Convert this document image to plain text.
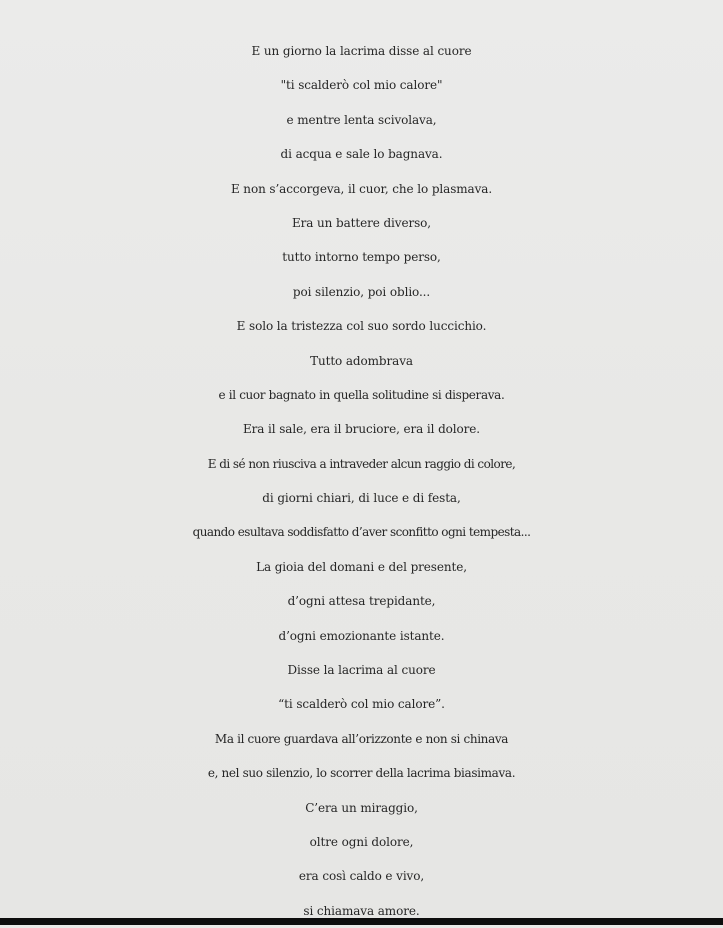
E un giorno la lacrima disse al cuore
"ti scalderò col mio calore"
e mentre lenta scivolava,
di acqua e sale lo bagnava.
E non s’accorgeva, il cuor, che lo plasmava.
Era un battere diverso,
tutto intorno tempo perso,
poi silenzio, poi oblio...
E solo la tristezza col suo sordo luccichio.
Tutto adombrava
e il cuor bagnato in quella solitudine si disperava.
Era il sale, era il bruciore, era il dolore.
E di sé non riusciva a intraveder alcun raggio di colore,
di giorni chiari, di luce e di festa,
quando esultava soddisfatto d’aver sconfitto ogni tempesta...
La gioia del domani e del presente,
d’ogni attesa trepidante,
d’ogni emozionante istante.
Disse la lacrima al cuore
“ti scalderò col mio calore”.
Ma il cuore guardava all’orizzonte e non si chinava
e, nel suo silenzio, lo scorrer della lacrima biasimava.
C’era un miraggio,
oltre ogni dolore,
era così caldo e vivo,
si chiamava amore.
